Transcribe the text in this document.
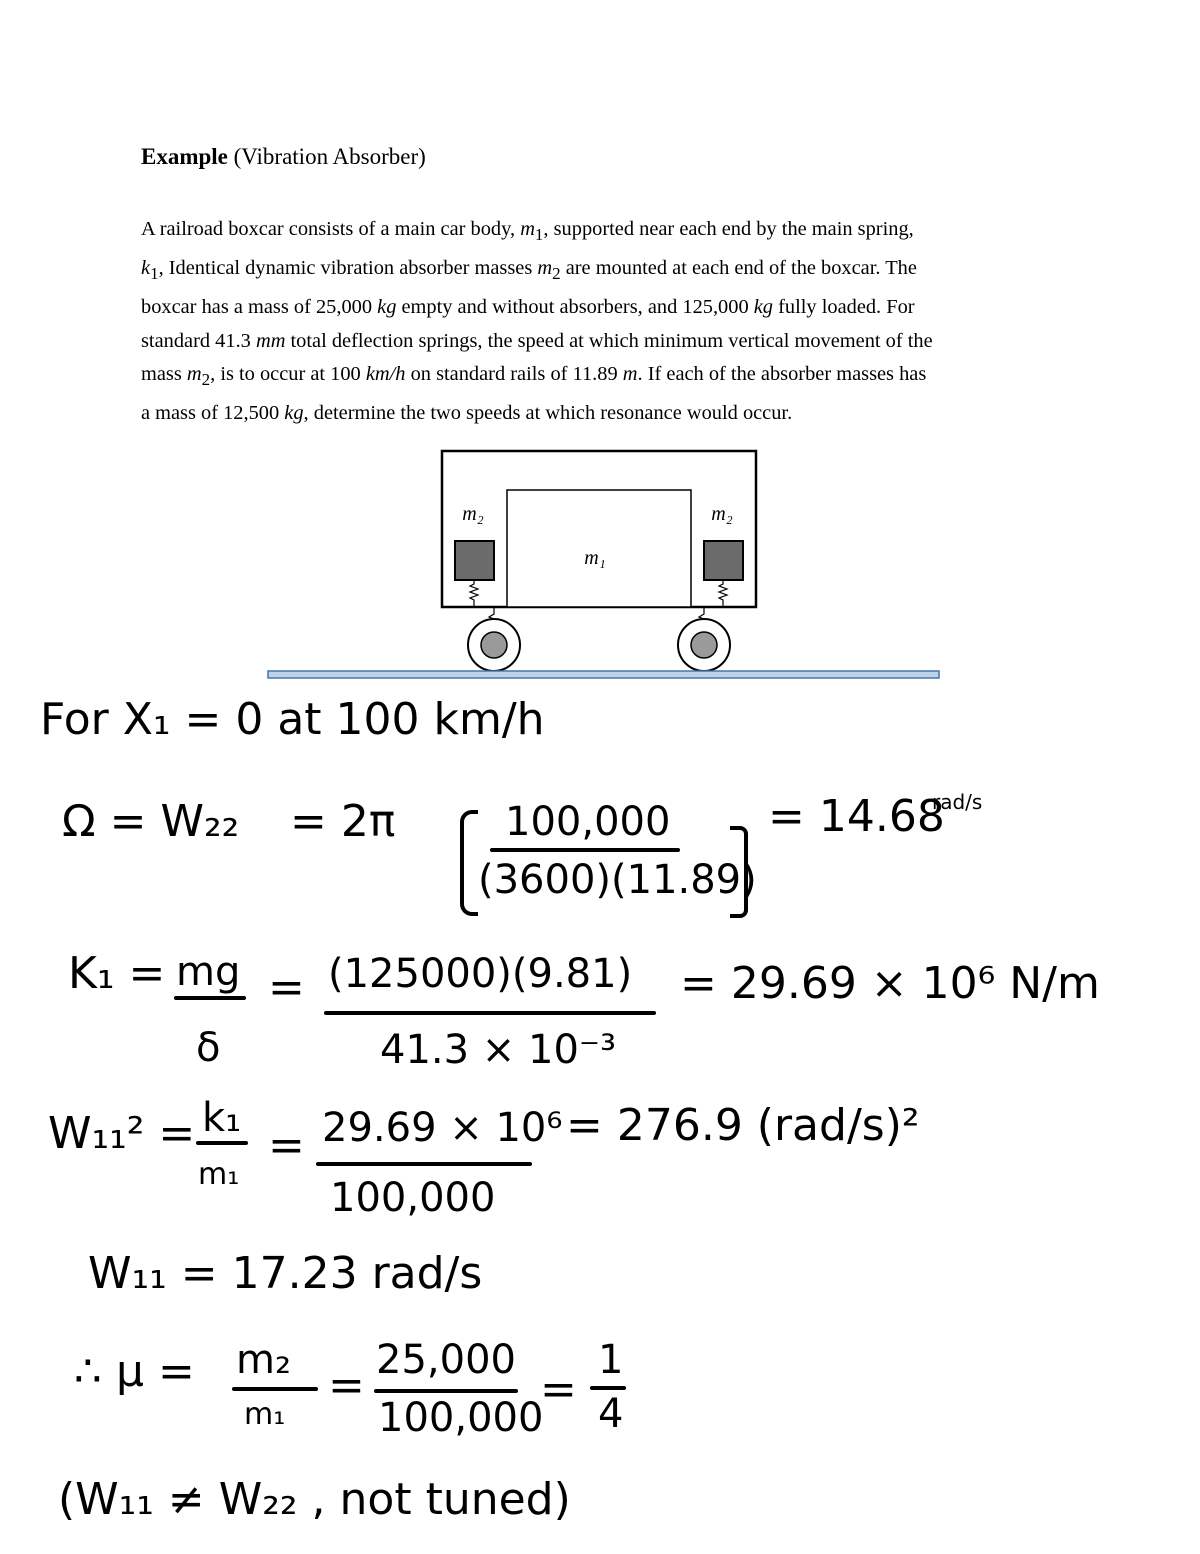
Example (Vibration Absorber)
A railroad boxcar consists of a main car body, $m_1$, supported near each end by the main spring,
$k_1$, Identical dynamic vibration absorber masses $m_2$ are mounted at each end of the boxcar. The
boxcar has a mass of 25,000 kg empty and without absorbers, and 125,000 kg fully loaded. For
standard 41.3 mm total deflection springs, the speed at which minimum vertical movement of the
mass $m_2$, is to occur at 100 km/h on standard rails of 11.89 m. If each of the absorber masses has
a mass of 12,500 kg, determine the two speeds at which resonance would occur.
m₂	m₂
m₁
For X₁ = 0 at 100 km/h
Ω = W₂₂ = 2π	100,000
(3600)(11.89)
= 14.68
rad/s
K₁ = mg
δ
= (125000)(9.81)
41.3 × 10⁻³
= 29.69 × 10⁶ N/m
W₁₁² = k₁
m₁
= 29.69 × 10⁶
100,000
= 276.9 (rad/s)²
W₁₁ = 17.23 rad/s
∴ μ = m₂
m₁
= 25,000
100,000
=
1
4
(W₁₁ ≠ W₂₂ , not tuned)
